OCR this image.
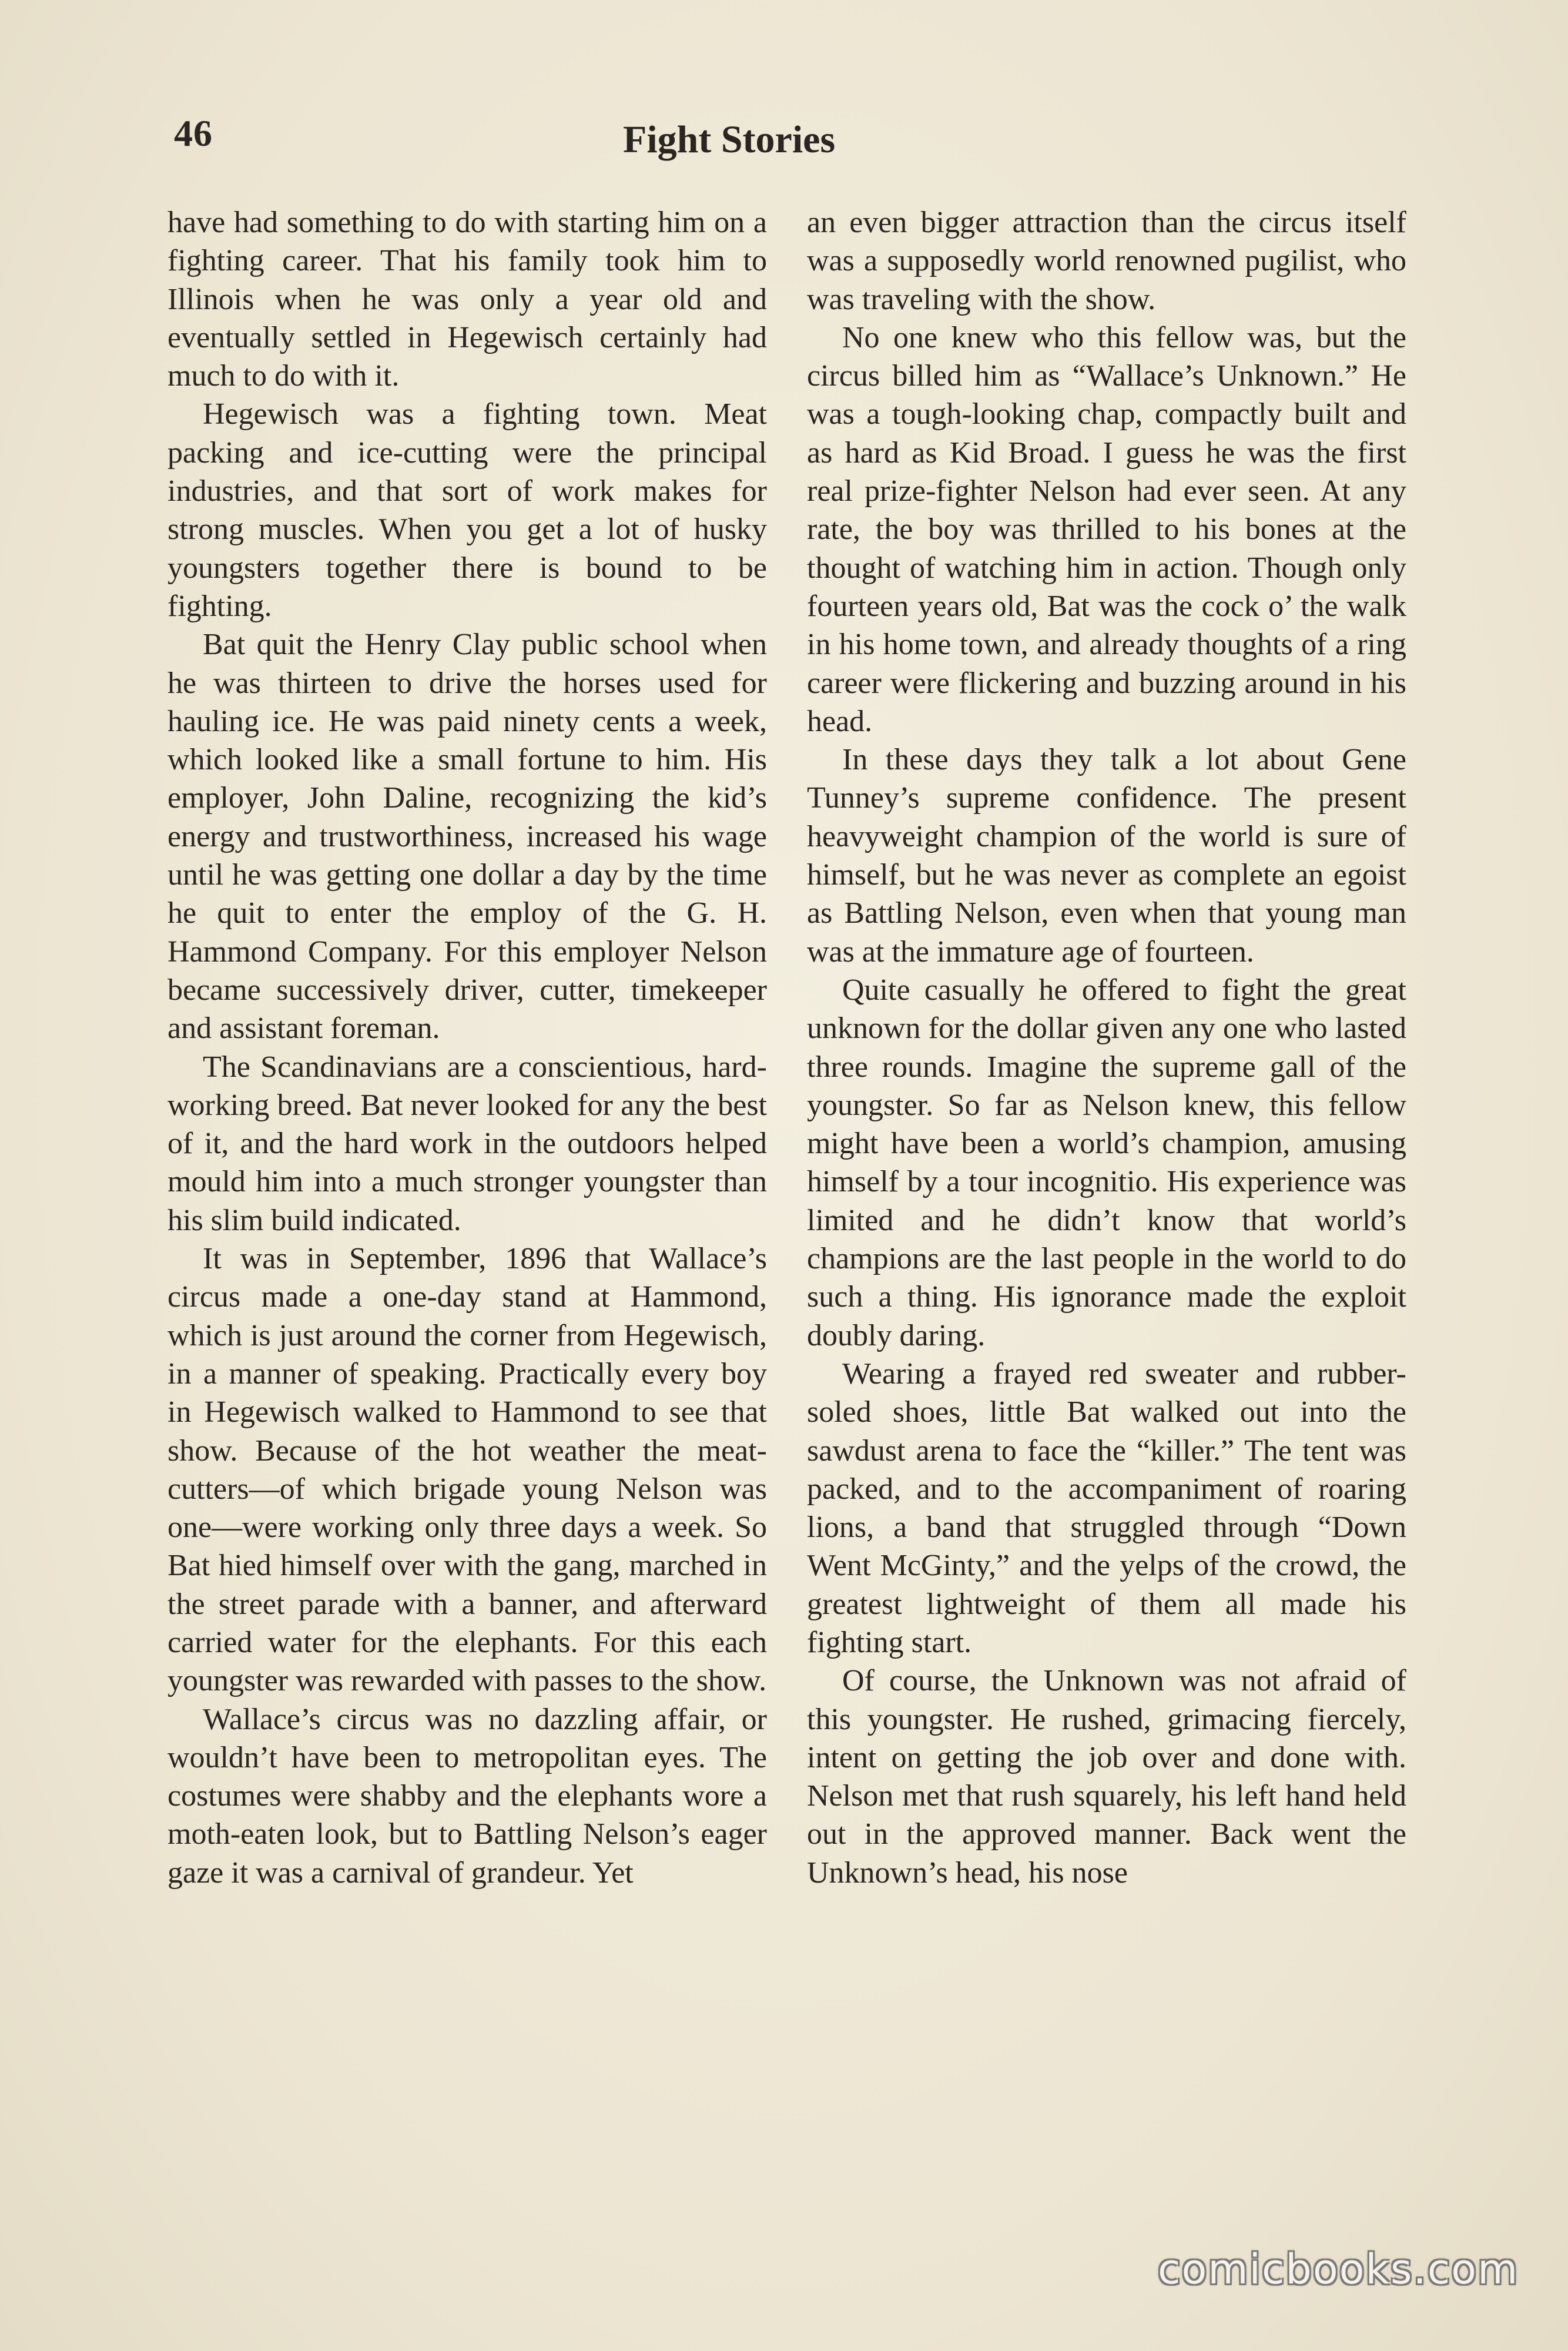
46	Fight Stories

have had something to do with starting him on a fighting career. That his family took him to Illinois when he was only a year old and eventually settled in Hegewisch certainly had much to do with it.

Hegewisch was a fighting town. Meat packing and ice-cutting were the principal industries, and that sort of work makes for strong muscles. When you get a lot of husky youngsters together there is bound to be fighting.

Bat quit the Henry Clay public school when he was thirteen to drive the horses used for hauling ice. He was paid ninety cents a week, which looked like a small fortune to him. His employer, John Daline, recognizing the kid’s energy and trustworthiness, increased his wage until he was getting one dollar a day by the time he quit to enter the employ of the G. H. Hammond Company. For this employer Nelson became successively driver, cutter, timekeeper and assistant foreman.

The Scandinavians are a conscientious, hard-working breed. Bat never looked for any the best of it, and the hard work in the outdoors helped mould him into a much stronger youngster than his slim build indicated.

It was in September, 1896 that Wallace’s circus made a one-day stand at Hammond, which is just around the corner from Hegewisch, in a manner of speaking. Practically every boy in Hegewisch walked to Hammond to see that show. Because of the hot weather the meat-cutters—of which brigade young Nelson was one—were working only three days a week. So Bat hied himself over with the gang, marched in the street parade with a banner, and afterward carried water for the elephants. For this each youngster was rewarded with passes to the show.

Wallace’s circus was no dazzling affair, or wouldn’t have been to metropolitan eyes. The costumes were shabby and the elephants wore a moth-eaten look, but to Battling Nelson’s eager gaze it was a carnival of grandeur. Yet

an even bigger attraction than the circus itself was a supposedly world renowned pugilist, who was traveling with the show.

No one knew who this fellow was, but the circus billed him as “Wallace’s Unknown.” He was a tough-looking chap, compactly built and as hard as Kid Broad. I guess he was the first real prize-fighter Nelson had ever seen. At any rate, the boy was thrilled to his bones at the thought of watching him in action. Though only fourteen years old, Bat was the cock o’ the walk in his home town, and already thoughts of a ring career were flickering and buzzing around in his head.

In these days they talk a lot about Gene Tunney’s supreme confidence. The present heavyweight champion of the world is sure of himself, but he was never as complete an egoist as Battling Nelson, even when that young man was at the immature age of fourteen.

Quite casually he offered to fight the great unknown for the dollar given any one who lasted three rounds. Imagine the supreme gall of the youngster. So far as Nelson knew, this fellow might have been a world’s champion, amusing himself by a tour incognitio. His experience was limited and he didn’t know that world’s champions are the last people in the world to do such a thing. His ignorance made the exploit doubly daring.

Wearing a frayed red sweater and rubber-soled shoes, little Bat walked out into the sawdust arena to face the “killer.” The tent was packed, and to the accompaniment of roaring lions, a band that struggled through “Down Went McGinty,” and the yelps of the crowd, the greatest lightweight of them all made his fighting start.

Of course, the Unknown was not afraid of this youngster. He rushed, grimacing fiercely, intent on getting the job over and done with. Nelson met that rush squarely, his left hand held out in the approved manner. Back went the Unknown’s head, his nose

comicbooks.com
